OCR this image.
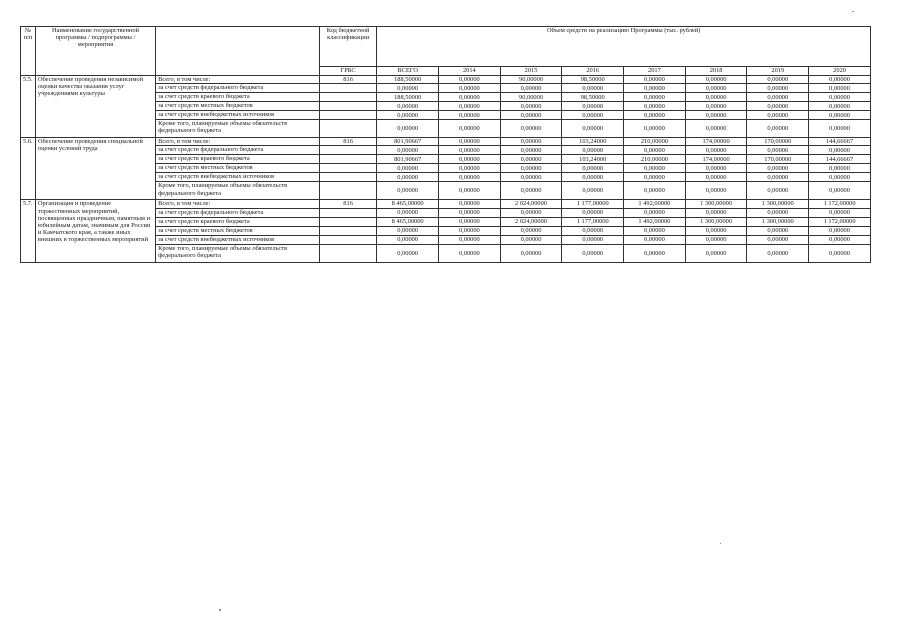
№
п/п	Наименование государственной программы / подпрограммы / мероприятия		Код бюджетной классификации	Объем средств на реализацию Программы (тыс. рублей)							
			ГРБС	ВСЕГО	2014	2015	2016	2017	2018	2019	2020
5.5.	Обеспечение проведения независимой оценки качества оказания услуг учреждениями культуры	Всего, в том числе:	816	188,50000	0,00000	90,00000	98,50000	0,00000	0,00000	0,00000	0,00000
		за счет средств федерального бюджета		0,00000	0,00000	0,00000	0,00000	0,00000	0,00000	0,00000	0,00000
		за счет средств краевого бюджета		188,50000	0,00000	90,00000	98,50000	0,00000	0,00000	0,00000	0,00000
		за счет средств местных бюджетов		0,00000	0,00000	0,00000	0,00000	0,00000	0,00000	0,00000	0,00000
		за счет средств внебюджетных источников		0,00000	0,00000	0,00000	0,00000	0,00000	0,00000	0,00000	0,00000
		Кроме того, планируемые объемы обязательств федерального бюджета		0,00000	0,00000	0,00000	0,00000	0,00000	0,00000	0,00000	0,00000
5.6.	Обеспечение проведения специальной оценки условий труда	Всего, в том числе:	816	801,90667	0,00000	0,00000	103,24000	210,00000	174,00000	170,00000	144,66667
		за счет средств федерального бюджета		0,00000	0,00000	0,00000	0,00000	0,00000	0,00000	0,00000	0,00000
		за счет средств краевого бюджета		801,90667	0,00000	0,00000	103,24000	210,00000	174,00000	170,00000	144,66667
		за счет средств местных бюджетов		0,00000	0,00000	0,00000	0,00000	0,00000	0,00000	0,00000	0,00000
		за счет средств внебюджетных источников		0,00000	0,00000	0,00000	0,00000	0,00000	0,00000	0,00000	0,00000
		Кроме того, планируемые объемы обязательств федерального бюджета		0,00000	0,00000	0,00000	0,00000	0,00000	0,00000	0,00000	0,00000
5.7.	Организация и проведение торжественных мероприятий, посвященных праздничным, памятным и юбилейным датам, значимым для России и Камчатского края, а также иных внешних в торжественных мероприятий	Всего, в том числе:	816	8 465,00000	0,00000	2 024,00000	1 177,00000	1 492,00000	1 300,00000	1 300,00000	1 172,00000
		за счет средств федерального бюджета		0,00000	0,00000	0,00000	0,00000	0,00000	0,00000	0,00000	0,00000
		за счет средств краевого бюджета		8 465,00000	0,00000	2 024,00000	1 177,00000	1 492,00000	1 300,00000	1 300,00000	1 172,00000
		за счет средств местных бюджетов		0,00000	0,00000	0,00000	0,00000	0,00000	0,00000	0,00000	0,00000
		за счет средств внебюджетных источников		0,00000	0,00000	0,00000	0,00000	0,00000	0,00000	0,00000	0,00000
		Кроме того, планируемые объемы обязательств федерального бюджета		0,00000	0,00000	0,00000	0,00000	0,00000	0,00000	0,00000	0,00000
